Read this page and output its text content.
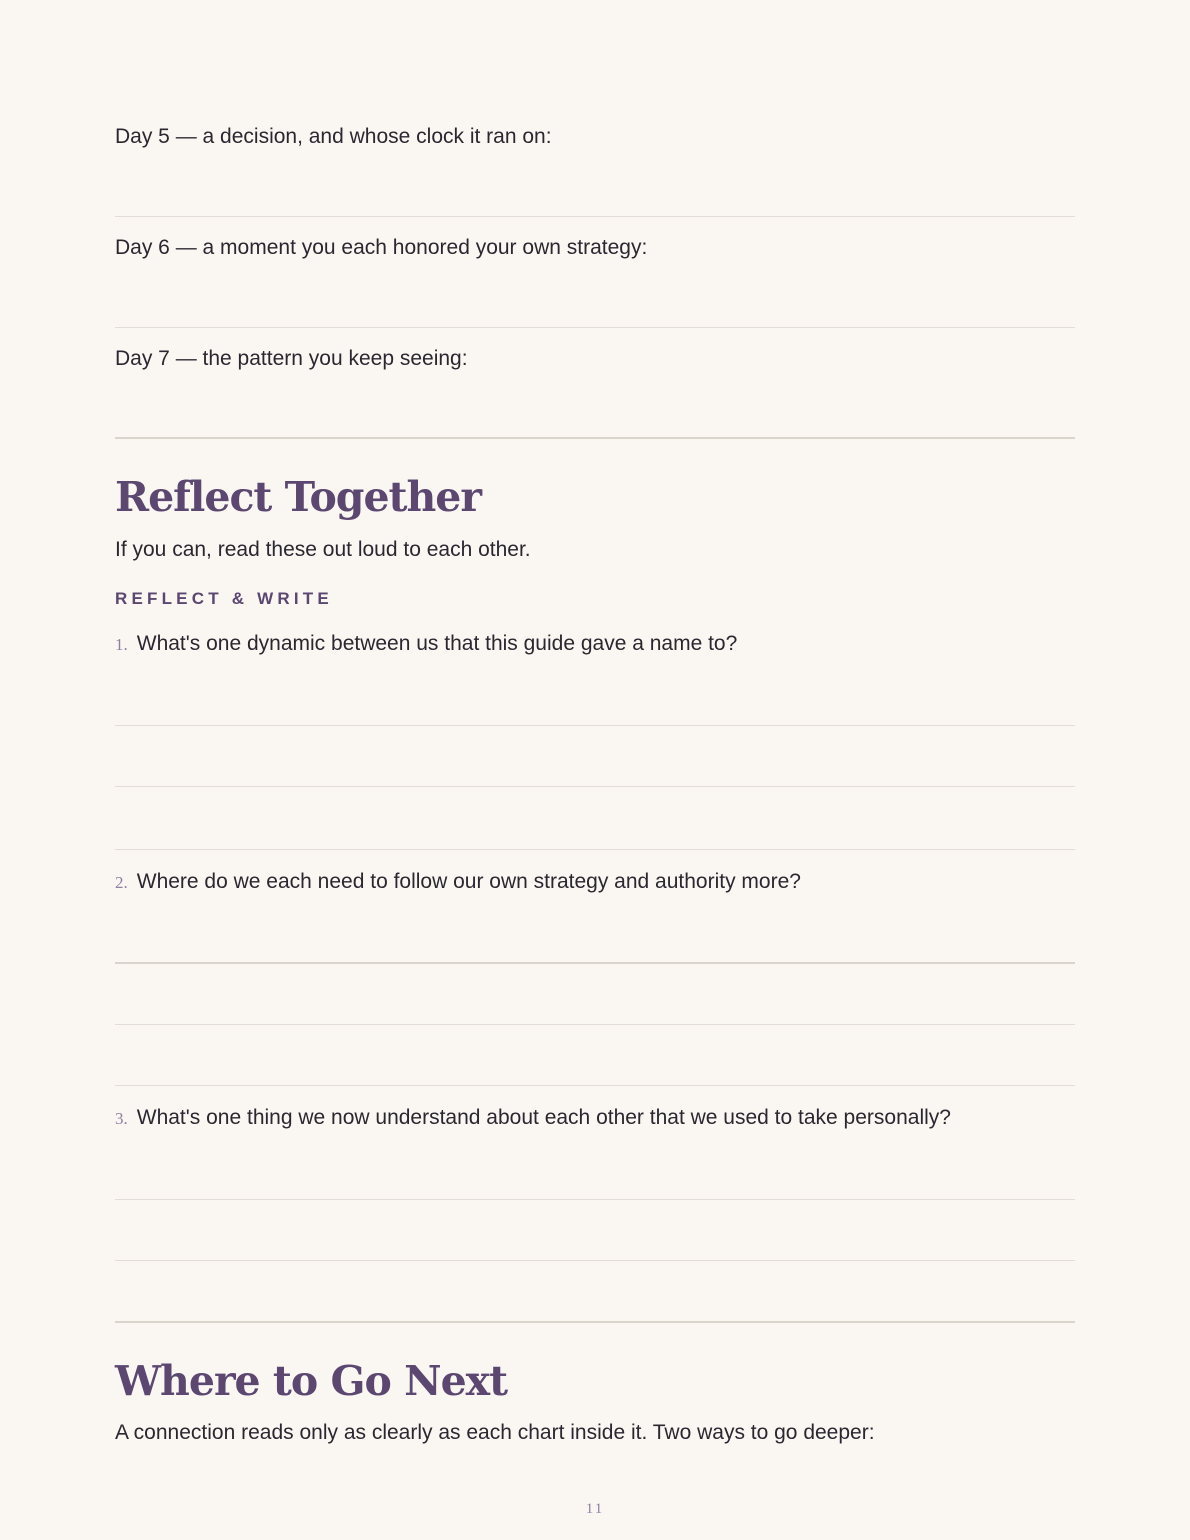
Day 5 — a decision, and whose clock it ran on:
Day 6 — a moment you each honored your own strategy:
Day 7 — the pattern you keep seeing:
Reflect Together
If you can, read these out loud to each other.
REFLECT & WRITE
1. What's one dynamic between us that this guide gave a name to?
2. Where do we each need to follow our own strategy and authority more?
3. What's one thing we now understand about each other that we used to take personally?
Where to Go Next
A connection reads only as clearly as each chart inside it. Two ways to go deeper:
11
